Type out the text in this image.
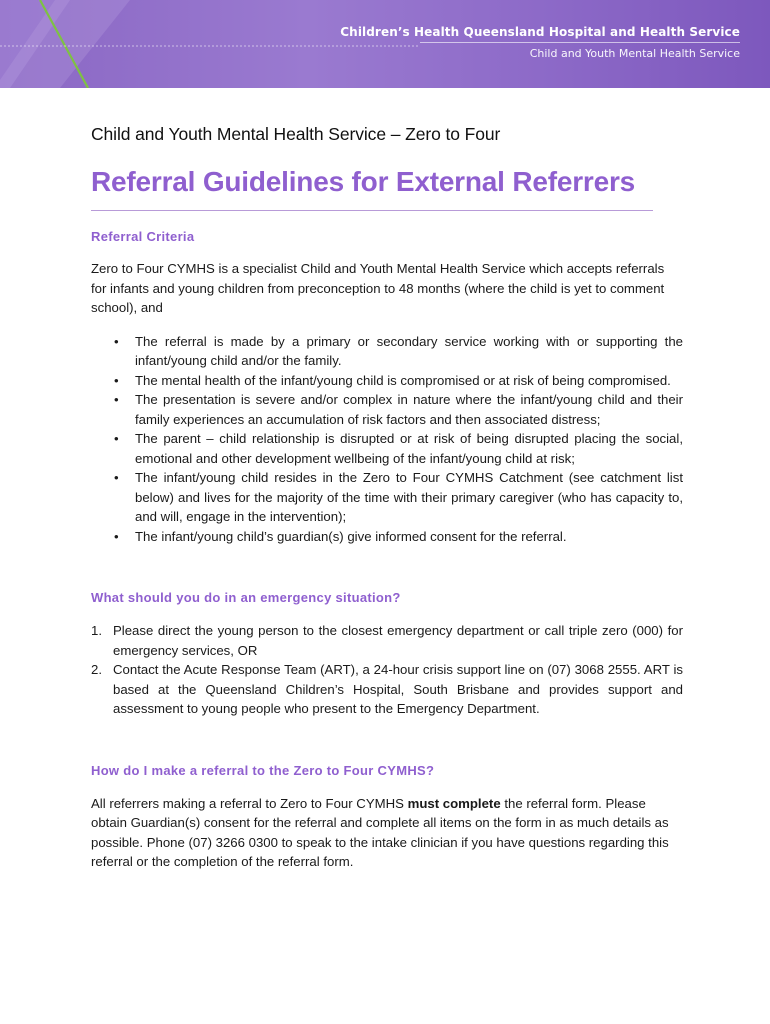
Children’s Health Queensland Hospital and Health Service
Child and Youth Mental Health Service
Child and Youth Mental Health Service – Zero to Four
Referral Guidelines for External Referrers
Referral Criteria

Zero to Four CYMHS is a specialist Child and Youth Mental Health Service which accepts referrals for infants and young children from preconception to 48 months (where the child is yet to comment school), and

• The referral is made by a primary or secondary service working with or supporting the infant/young child and/or the family.
• The mental health of the infant/young child is compromised or at risk of being compromised.
• The presentation is severe and/or complex in nature where the infant/young child and their family experiences an accumulation of risk factors and then associated distress;
• The parent – child relationship is disrupted or at risk of being disrupted placing the social, emotional and other development wellbeing of the infant/young child at risk;
• The infant/young child resides in the Zero to Four CYMHS Catchment (see catchment list below) and lives for the majority of the time with their primary caregiver (who has capacity to, and will, engage in the intervention);
• The infant/young child’s guardian(s) give informed consent for the referral.
What should you do in an emergency situation?
1. Please direct the young person to the closest emergency department or call triple zero (000) for emergency services, OR
2. Contact the Acute Response Team (ART), a 24-hour crisis support line on (07) 3068 2555. ART is based at the Queensland Children’s Hospital, South Brisbane and provides support and assessment to young people who present to the Emergency Department.
How do I make a referral to the Zero to Four CYMHS?

All referrers making a referral to Zero to Four CYMHS must complete the referral form. Please obtain Guardian(s) consent for the referral and complete all items on the form in as much details as possible. Phone (07) 3266 0300 to speak to the intake clinician if you have questions regarding this referral or the completion of the referral form.
